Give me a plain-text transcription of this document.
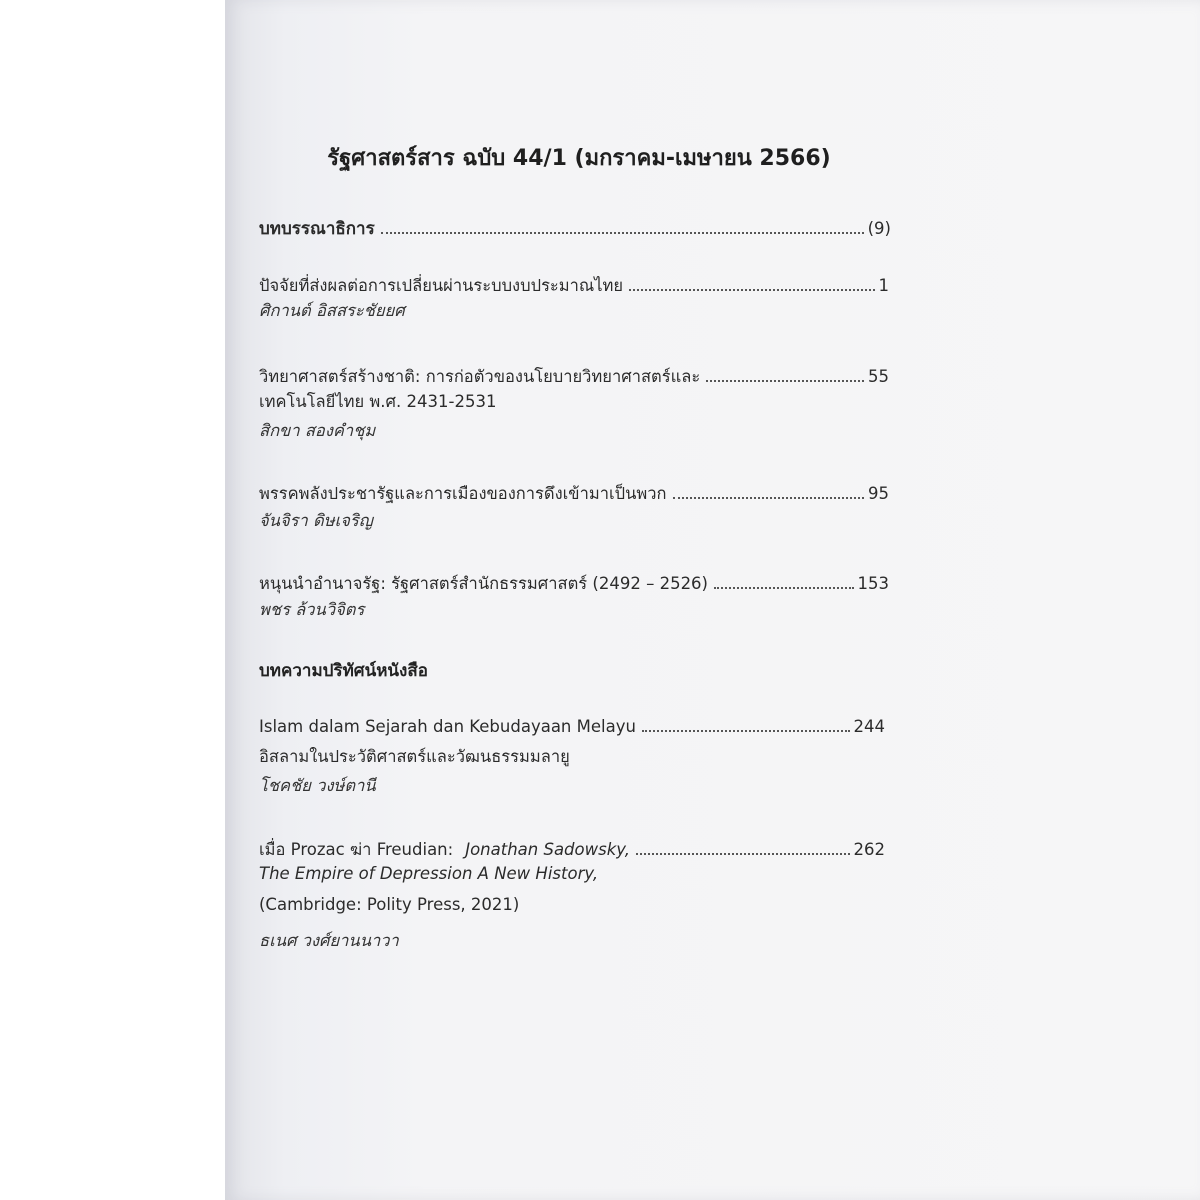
รัฐศาสตร์สาร ฉบับ 44/1 (มกราคม-เมษายน 2566)
บทบรรณาธิการ	(9)
ปัจจัยที่ส่งผลต่อการเปลี่ยนผ่านระบบงบประมาณไทย	1
ศิกานต์ อิสสระชัยยศ
วิทยาศาสตร์สร้างชาติ: การก่อตัวของนโยบายวิทยาศาสตร์และ	55
เทคโนโลยีไทย พ.ศ. 2431-2531
สิกขา สองคำชุม
พรรคพลังประชารัฐและการเมืองของการดึงเข้ามาเป็นพวก	95
จันจิรา ดิษเจริญ
หนุนนำอำนาจรัฐ: รัฐศาสตร์สำนักธรรมศาสตร์ (2492 – 2526)	153
พชร ล้วนวิจิตร
บทความปริทัศน์หนังสือ
Islam dalam Sejarah dan Kebudayaan Melayu	244
อิสลามในประวัติศาสตร์และวัฒนธรรมมลายู
โชคชัย วงษ์ตานี
เมื่อ Prozac ฆ่า Freudian: Jonathan Sadowsky,	262
The Empire of Depression A New History,
(Cambridge: Polity Press, 2021)
ธเนศ วงศ์ยานนาวา
